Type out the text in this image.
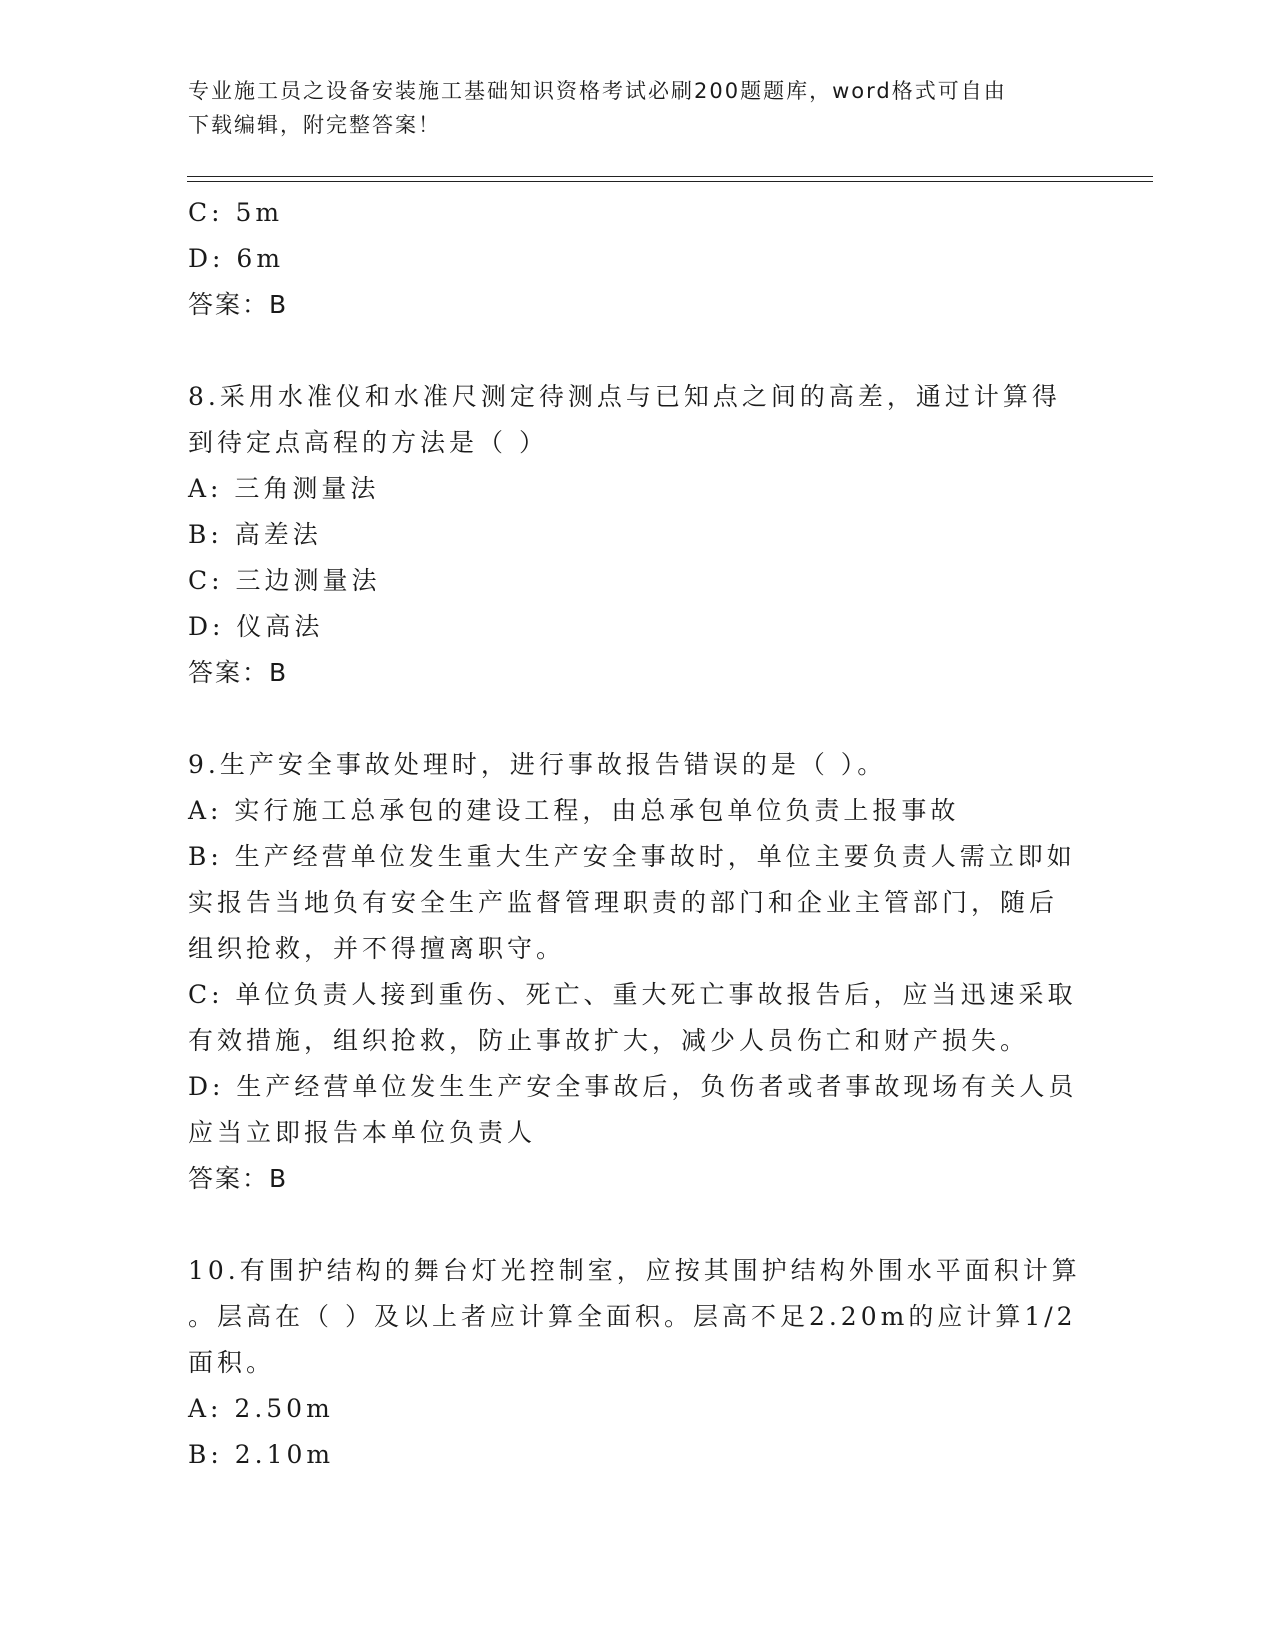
专业施工员之设备安装施工基础知识资格考试必刷200题题库，word格式可自由
下载编辑，附完整答案！
C: 5m
D: 6m
答案：B
8.采用水准仪和水准尺测定待测点与已知点之间的高差，通过计算得
到待定点高程的方法是（ ）
A: 三角测量法
B: 高差法
C: 三边测量法
D: 仪高法
答案：B
9.生产安全事故处理时，进行事故报告错误的是（ ）。
A: 实行施工总承包的建设工程，由总承包单位负责上报事故
B: 生产经营单位发生重大生产安全事故时，单位主要负责人需立即如
实报告当地负有安全生产监督管理职责的部门和企业主管部门，随后
组织抢救，并不得擅离职守。
C: 单位负责人接到重伤、死亡、重大死亡事故报告后，应当迅速采取
有效措施，组织抢救，防止事故扩大，减少人员伤亡和财产损失。
D: 生产经营单位发生生产安全事故后，负伤者或者事故现场有关人员
应当立即报告本单位负责人
答案：B
10.有围护结构的舞台灯光控制室，应按其围护结构外围水平面积计算
。层高在（ ）及以上者应计算全面积。层高不足2.20m的应计算1/2
面积。
A: 2.50m
B: 2.10m
